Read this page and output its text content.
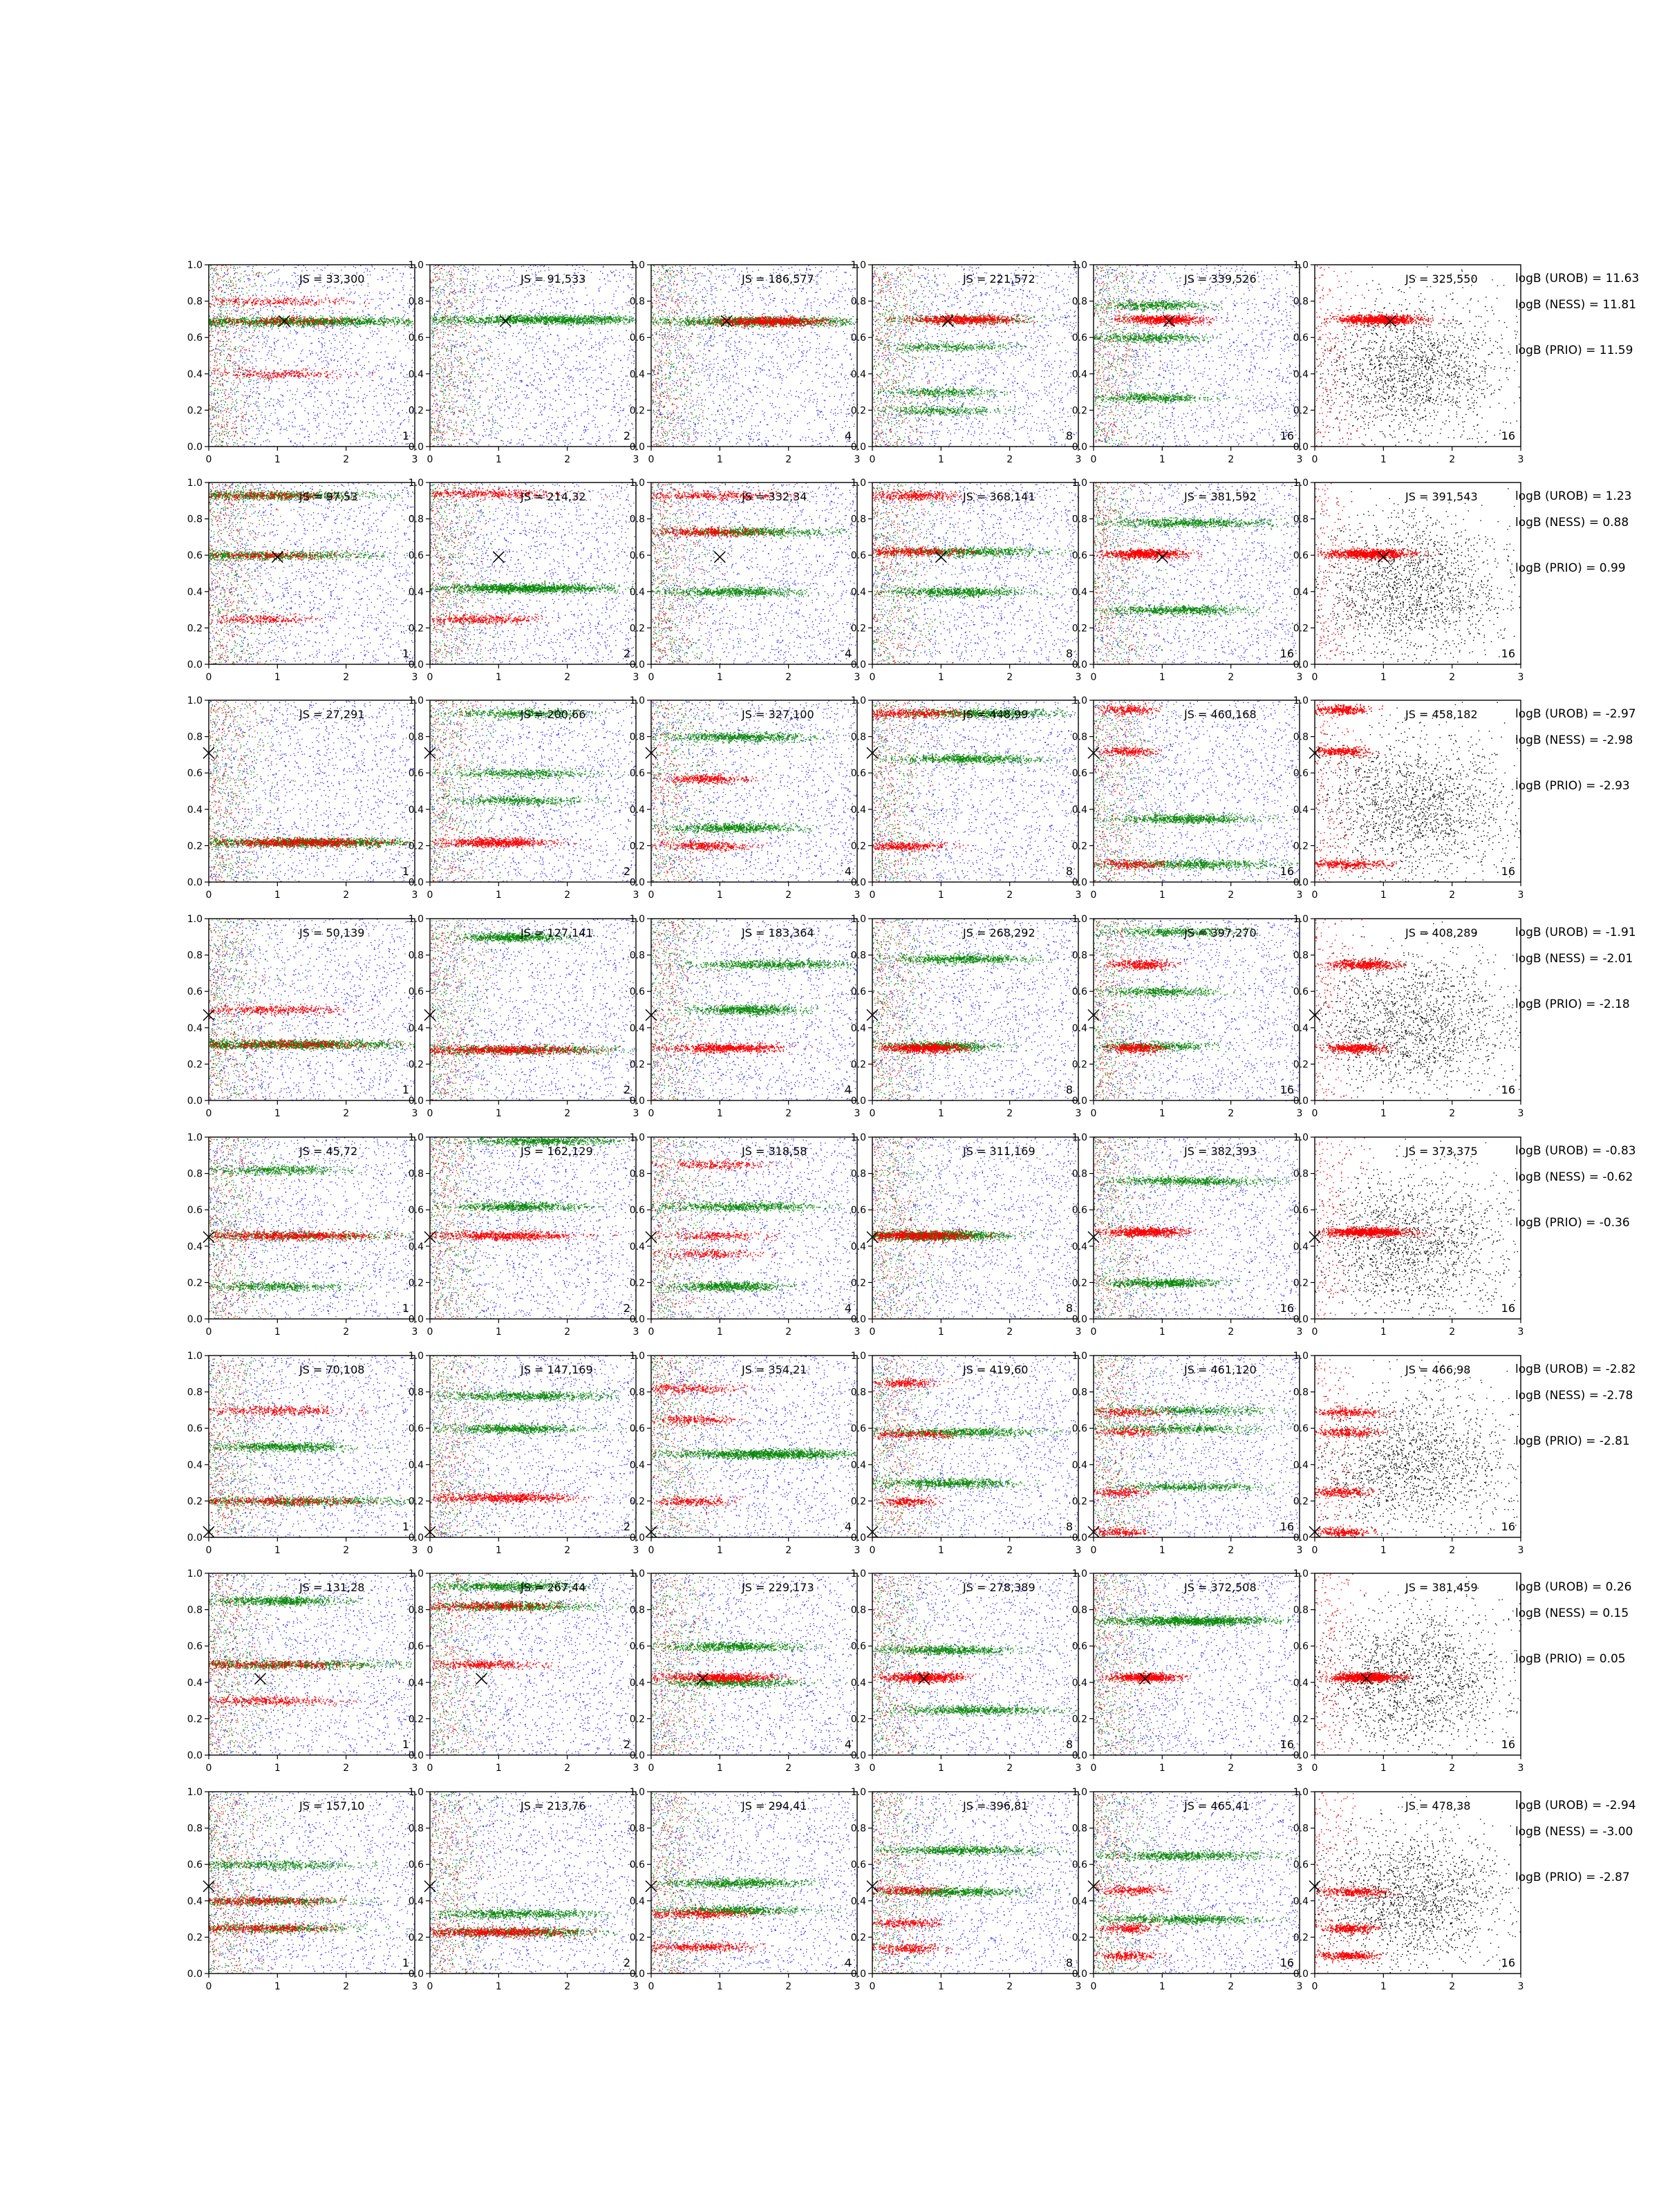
0	1	2	3
0.0
0.2
0.4
0.6
0.8
1.0
JS = 33,300
1
0	1	2	3
0.0
0.2
0.4
0.6
0.8
1.0
JS = 91,533
2
0	1	2	3
0.0
0.2
0.4
0.6
0.8
1.0
JS = 186,577
4
0	1	2	3
0.0
0.2
0.4
0.6
0.8
1.0
JS = 221,572
8
0	1	2	3
0.0
0.2
0.4
0.6
0.8
1.0
JS = 339,526
16
0	1	2	3
0.0
0.2
0.4
0.6
0.8
1.0
JS = 325,550
16
logB (UROB) = 11.63
logB (NESS) = 11.81
logB (PRIO) = 11.59
0	1	2	3
0.0
0.2
0.4
0.6
0.8
1.0
JS = 97,53
1
0	1	2	3
0.0
0.2
0.4
0.6
0.8
1.0
JS = 214,32
2
0	1	2	3
0.0
0.2
0.4
0.6
0.8
1.0
JS = 332,34
4
0	1	2	3
0.0
0.2
0.4
0.6
0.8
1.0
JS = 368,141
8
0	1	2	3
0.0
0.2
0.4
0.6
0.8
1.0
JS = 381,592
16
0	1	2	3
0.0
0.2
0.4
0.6
0.8
1.0
JS = 391,543
16
logB (UROB) = 1.23
logB (NESS) = 0.88
logB (PRIO) = 0.99
0	1	2	3
0.0
0.2
0.4
0.6
0.8
1.0
JS = 27,291
1
0	1	2	3
0.0
0.2
0.4
0.6
0.8
1.0
JS = 200,66
2
0	1	2	3
0.0
0.2
0.4
0.6
0.8
1.0
JS = 327,100
4
0	1	2	3
0.0
0.2
0.4
0.6
0.8
1.0
JS = 448,99
8
0	1	2	3
0.0
0.2
0.4
0.6
0.8
1.0
JS = 460,168
16
0	1	2	3
0.0
0.2
0.4
0.6
0.8
1.0
JS = 458,182
16
logB (UROB) = -2.97
logB (NESS) = -2.98
logB (PRIO) = -2.93
0	1	2	3
0.0
0.2
0.4
0.6
0.8
1.0
JS = 50,139
1
0	1	2	3
0.0
0.2
0.4
0.6
0.8
1.0
JS = 127,141
2
0	1	2	3
0.0
0.2
0.4
0.6
0.8
1.0
JS = 183,364
4
0	1	2	3
0.0
0.2
0.4
0.6
0.8
1.0
JS = 268,292
8
0	1	2	3
0.0
0.2
0.4
0.6
0.8
1.0
JS = 397,270
16
0	1	2	3
0.0
0.2
0.4
0.6
0.8
1.0
JS = 408,289
16
logB (UROB) = -1.91
logB (NESS) = -2.01
logB (PRIO) = -2.18
0	1	2	3
0.0
0.2
0.4
0.6
0.8
1.0
JS = 45,72
1
0	1	2	3
0.0
0.2
0.4
0.6
0.8
1.0
JS = 162,129
2
0	1	2	3
0.0
0.2
0.4
0.6
0.8
1.0
JS = 318,58
4
0	1	2	3
0.0
0.2
0.4
0.6
0.8
1.0
JS = 311,169
8
0	1	2	3
0.0
0.2
0.4
0.6
0.8
1.0
JS = 382,393
16
0	1	2	3
0.0
0.2
0.4
0.6
0.8
1.0
JS = 373,375
16
logB (UROB) = -0.83
logB (NESS) = -0.62
logB (PRIO) = -0.36
0	1	2	3
0.0
0.2
0.4
0.6
0.8
1.0
JS = 70,108
1
0	1	2	3
0.0
0.2
0.4
0.6
0.8
1.0
JS = 147,169
2
0	1	2	3
0.0
0.2
0.4
0.6
0.8
1.0
JS = 354,21
4
0	1	2	3
0.0
0.2
0.4
0.6
0.8
1.0
JS = 419,60
8
0	1	2	3
0.0
0.2
0.4
0.6
0.8
1.0
JS = 461,120
16
0	1	2	3
0.0
0.2
0.4
0.6
0.8
1.0
JS = 466,98
16
logB (UROB) = -2.82
logB (NESS) = -2.78
logB (PRIO) = -2.81
0	1	2	3
0.0
0.2
0.4
0.6
0.8
1.0
JS = 131,28
1
0	1	2	3
0.0
0.2
0.4
0.6
0.8
1.0
JS = 267,44
2
0	1	2	3
0.0
0.2
0.4
0.6
0.8
1.0
JS = 229,173
4
0	1	2	3
0.0
0.2
0.4
0.6
0.8
1.0
JS = 278,389
8
0	1	2	3
0.0
0.2
0.4
0.6
0.8
1.0
JS = 372,508
16
0	1	2	3
0.0
0.2
0.4
0.6
0.8
1.0
JS = 381,459
16
logB (UROB) = 0.26
logB (NESS) = 0.15
logB (PRIO) = 0.05
0	1	2	3
0.0
0.2
0.4
0.6
0.8
1.0
JS = 157,10
1
0	1	2	3
0.0
0.2
0.4
0.6
0.8
1.0
JS = 213,76
2
0	1	2	3
0.0
0.2
0.4
0.6
0.8
1.0
JS = 294,41
4
0	1	2	3
0.0
0.2
0.4
0.6
0.8
1.0
JS = 396,81
8
0	1	2	3
0.0
0.2
0.4
0.6
0.8
1.0
JS = 465,41
16
0	1	2	3
0.0
0.2
0.4
0.6
0.8
1.0
JS = 478,38
16
logB (UROB) = -2.94
logB (NESS) = -3.00
logB (PRIO) = -2.87
